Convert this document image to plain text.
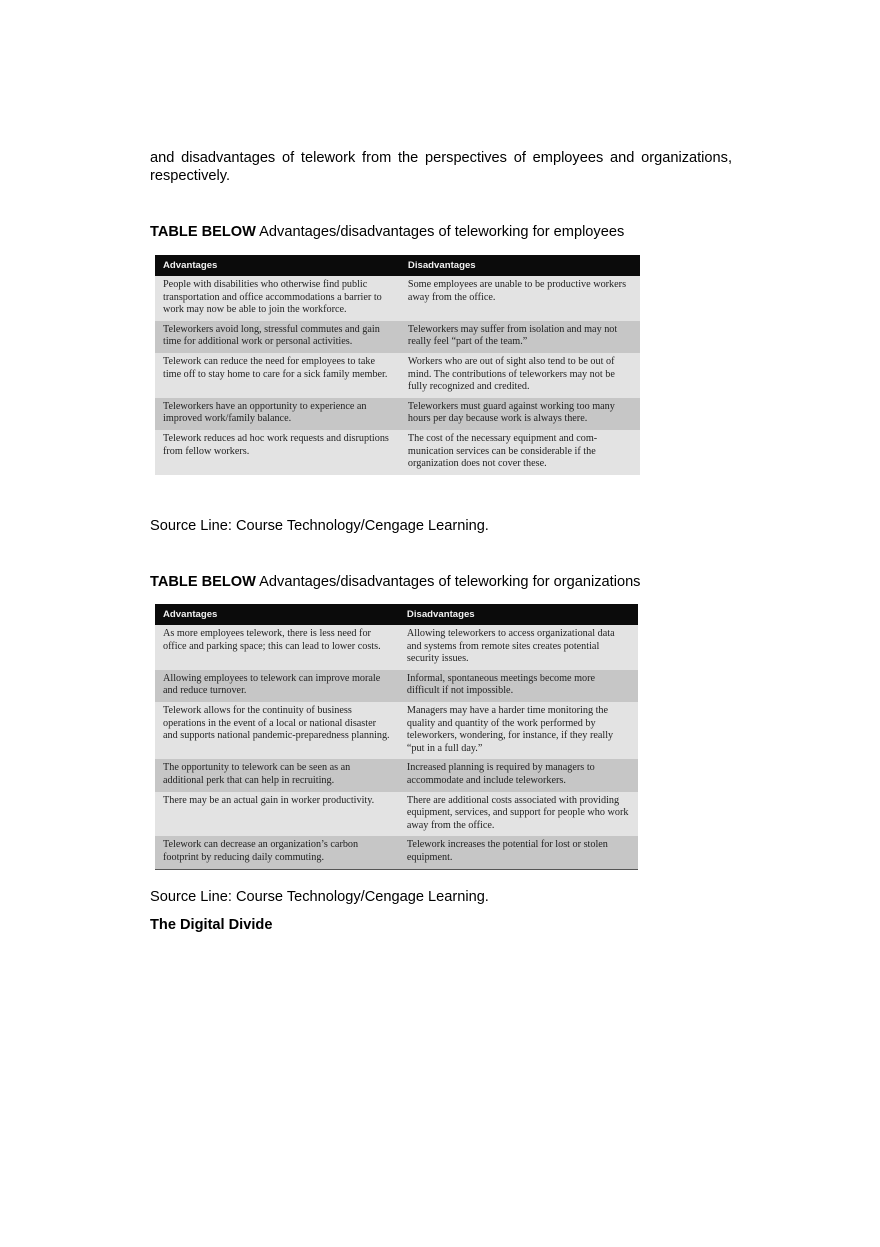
and disadvantages of telework from the perspectives of employees and organizations, respectively.

TABLE BELOW Advantages/disadvantages of teleworking for employees
Advantages	Disadvantages
People with disabilities who otherwise find public transportation and office accommodations a barrier to work may now be able to join the workforce.	Some employees are unable to be productive workers away from the office.
Teleworkers avoid long, stressful commutes and gain time for additional work or personal activities.	Teleworkers may suffer from isolation and may not really feel “part of the team.”
Telework can reduce the need for employees to take time off to stay home to care for a sick family member.	Workers who are out of sight also tend to be out of mind. The contributions of teleworkers may not be fully recognized and credited.
Teleworkers have an opportunity to experience an improved work/family balance.	Teleworkers must guard against working too many hours per day because work is always there.
Telework reduces ad hoc work requests and disruptions from fellow workers.	The cost of the necessary equipment and com-munication services can be considerable if the organization does not cover these.
Source Line: Course Technology/Cengage Learning.
TABLE BELOW Advantages/disadvantages of teleworking for organizations
Advantages	Disadvantages
As more employees telework, there is less need for office and parking space; this can lead to lower costs.	Allowing teleworkers to access organizational data and systems from remote sites creates potential security issues.
Allowing employees to telework can improve morale and reduce turnover.	Informal, spontaneous meetings become more difficult if not impossible.
Telework allows for the continuity of business operations in the event of a local or national disaster and supports national pandemic-preparedness planning.	Managers may have a harder time monitoring the quality and quantity of the work performed by teleworkers, wondering, for instance, if they really “put in a full day.”
The opportunity to telework can be seen as an additional perk that can help in recruiting.	Increased planning is required by managers to accommodate and include teleworkers.
There may be an actual gain in worker productivity.	There are additional costs associated with providing equipment, services, and support for people who work away from the office.
Telework can decrease an organization’s carbon footprint by reducing daily commuting.	Telework increases the potential for lost or stolen equipment.
Source Line: Course Technology/Cengage Learning.
The Digital Divide
